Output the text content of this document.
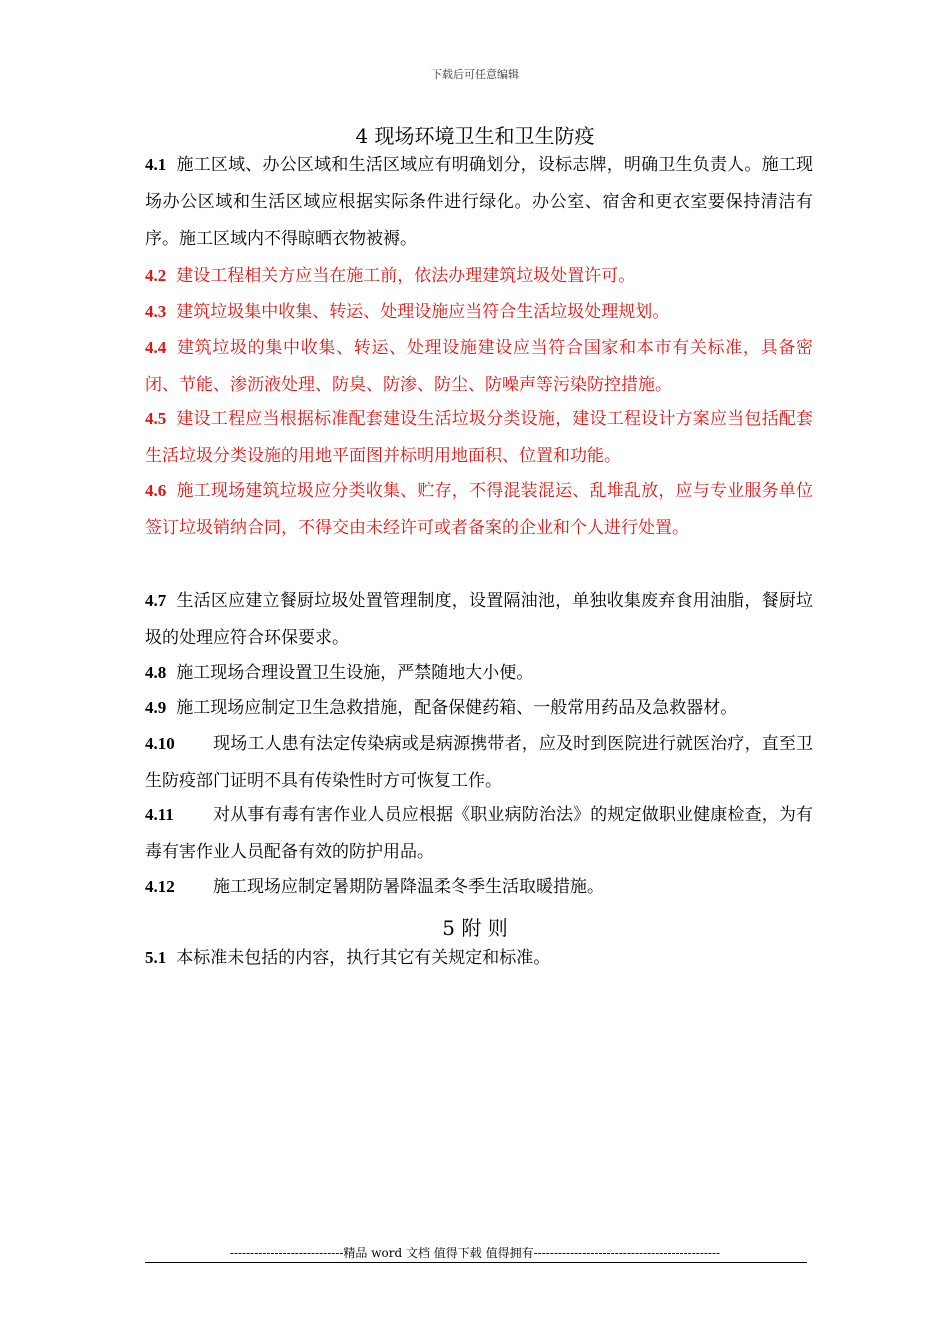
下载后可任意编辑
4 现场环境卫生和卫生防疫
4.1 施工区域、办公区域和生活区域应有明确划分，设标志牌，明确卫生负责人。施工现场办公区域和生活区域应根据实际条件进行绿化。办公室、宿舍和更衣室要保持清洁有序。施工区域内不得晾晒衣物被褥。
4.2 建设工程相关方应当在施工前，依法办理建筑垃圾处置许可。
4.3 建筑垃圾集中收集、转运、处理设施应当符合生活垃圾处理规划。
4.4 建筑垃圾的集中收集、转运、处理设施建设应当符合国家和本市有关标准，具备密闭、节能、渗沥液处理、防臭、防渗、防尘、防噪声等污染防控措施。
4.5 建设工程应当根据标准配套建设生活垃圾分类设施，建设工程设计方案应当包括配套生活垃圾分类设施的用地平面图并标明用地面积、位置和功能。
4.6 施工现场建筑垃圾应分类收集、贮存，不得混装混运、乱堆乱放，应与专业服务单位签订垃圾销纳合同，不得交由未经许可或者备案的企业和个人进行处置。
4.7 生活区应建立餐厨垃圾处置管理制度，设置隔油池，单独收集废弃食用油脂，餐厨垃圾的处理应符合环保要求。
4.8 施工现场合理设置卫生设施，严禁随地大小便。
4.9 施工现场应制定卫生急救措施，配备保健药箱、一般常用药品及急救器材。
4.10 现场工人患有法定传染病或是病源携带者，应及时到医院进行就医治疗，直至卫生防疫部门证明不具有传染性时方可恢复工作。
4.11 对从事有毒有害作业人员应根据《职业病防治法》的规定做职业健康检查，为有毒有害作业人员配备有效的防护用品。
4.12 施工现场应制定暑期防暑降温柔冬季生活取暖措施。
5 附 则
5.1 本标准未包括的内容，执行其它有关规定和标准。
----------------------------精品 word 文档 值得下载 值得拥有----------------------------------------------
